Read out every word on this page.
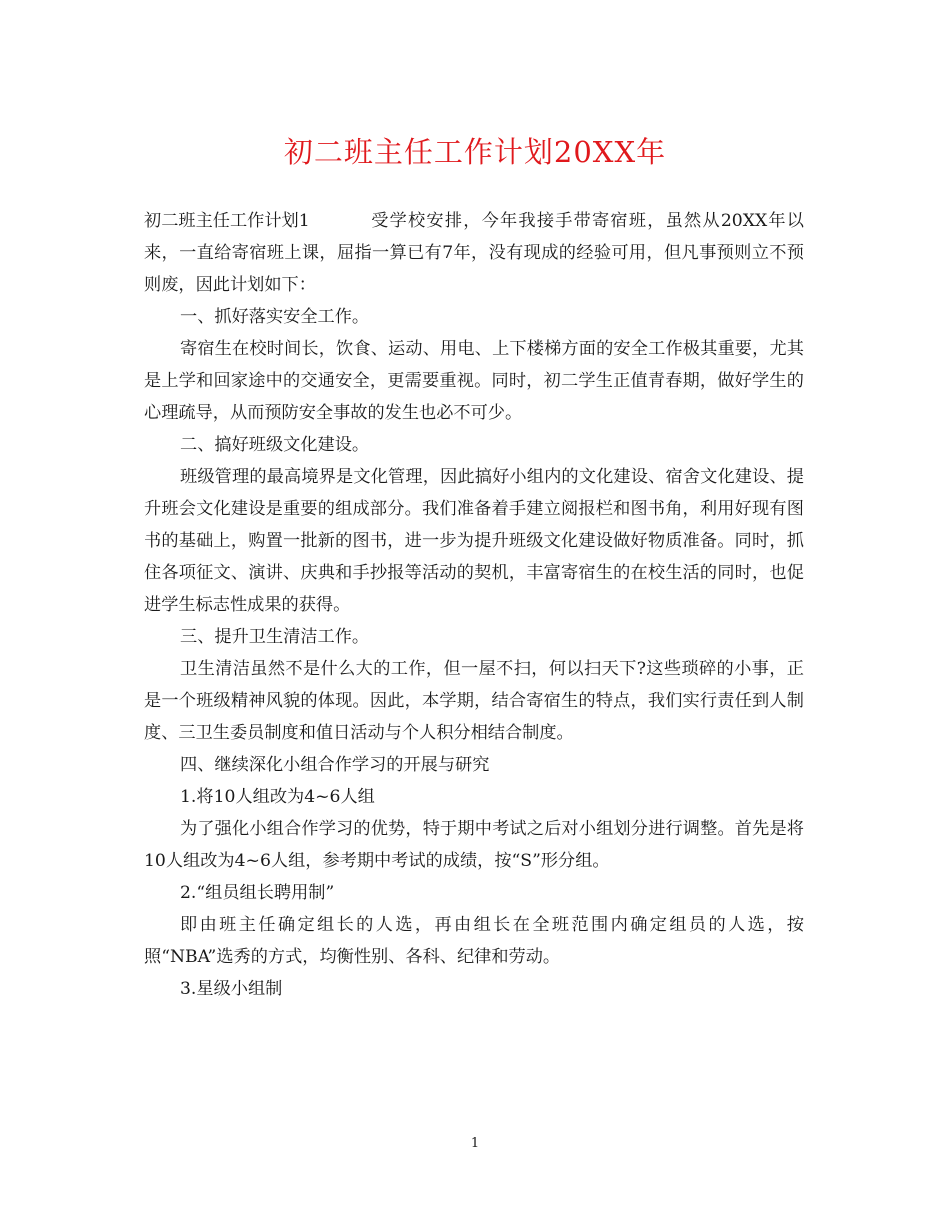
初二班主任工作计划20XX年

初二班主任工作计划1	受学校安排，今年我接手带寄宿班，虽然从20XX年以来，一直给寄宿班上课，屈指一算已有7年，没有现成的经验可用，但凡事预则立不预则废，因此计划如下：

一、抓好落实安全工作。

寄宿生在校时间长，饮食、运动、用电、上下楼梯方面的安全工作极其重要，尤其是上学和回家途中的交通安全，更需要重视。同时，初二学生正值青春期，做好学生的心理疏导，从而预防安全事故的发生也必不可少。

二、搞好班级文化建设。

班级管理的最高境界是文化管理，因此搞好小组内的文化建设、宿舍文化建设、提升班会文化建设是重要的组成部分。我们准备着手建立阅报栏和图书角，利用好现有图书的基础上，购置一批新的图书，进一步为提升班级文化建设做好物质准备。同时，抓住各项征文、演讲、庆典和手抄报等活动的契机，丰富寄宿生的在校生活的同时，也促进学生标志性成果的获得。

三、提升卫生清洁工作。

卫生清洁虽然不是什么大的工作，但一屋不扫，何以扫天下?这些琐碎的小事，正是一个班级精神风貌的体现。因此，本学期，结合寄宿生的特点，我们实行责任到人制度、三卫生委员制度和值日活动与个人积分相结合制度。

四、继续深化小组合作学习的开展与研究

1.将10人组改为4~6人组

为了强化小组合作学习的优势，特于期中考试之后对小组划分进行调整。首先是将10人组改为4~6人组，参考期中考试的成绩，按“S”形分组。

2.“组员组长聘用制”

即由班主任确定组长的人选，再由组长在全班范围内确定组员的人选，按照“NBA”选秀的方式，均衡性别、各科、纪律和劳动。

3.星级小组制

1
